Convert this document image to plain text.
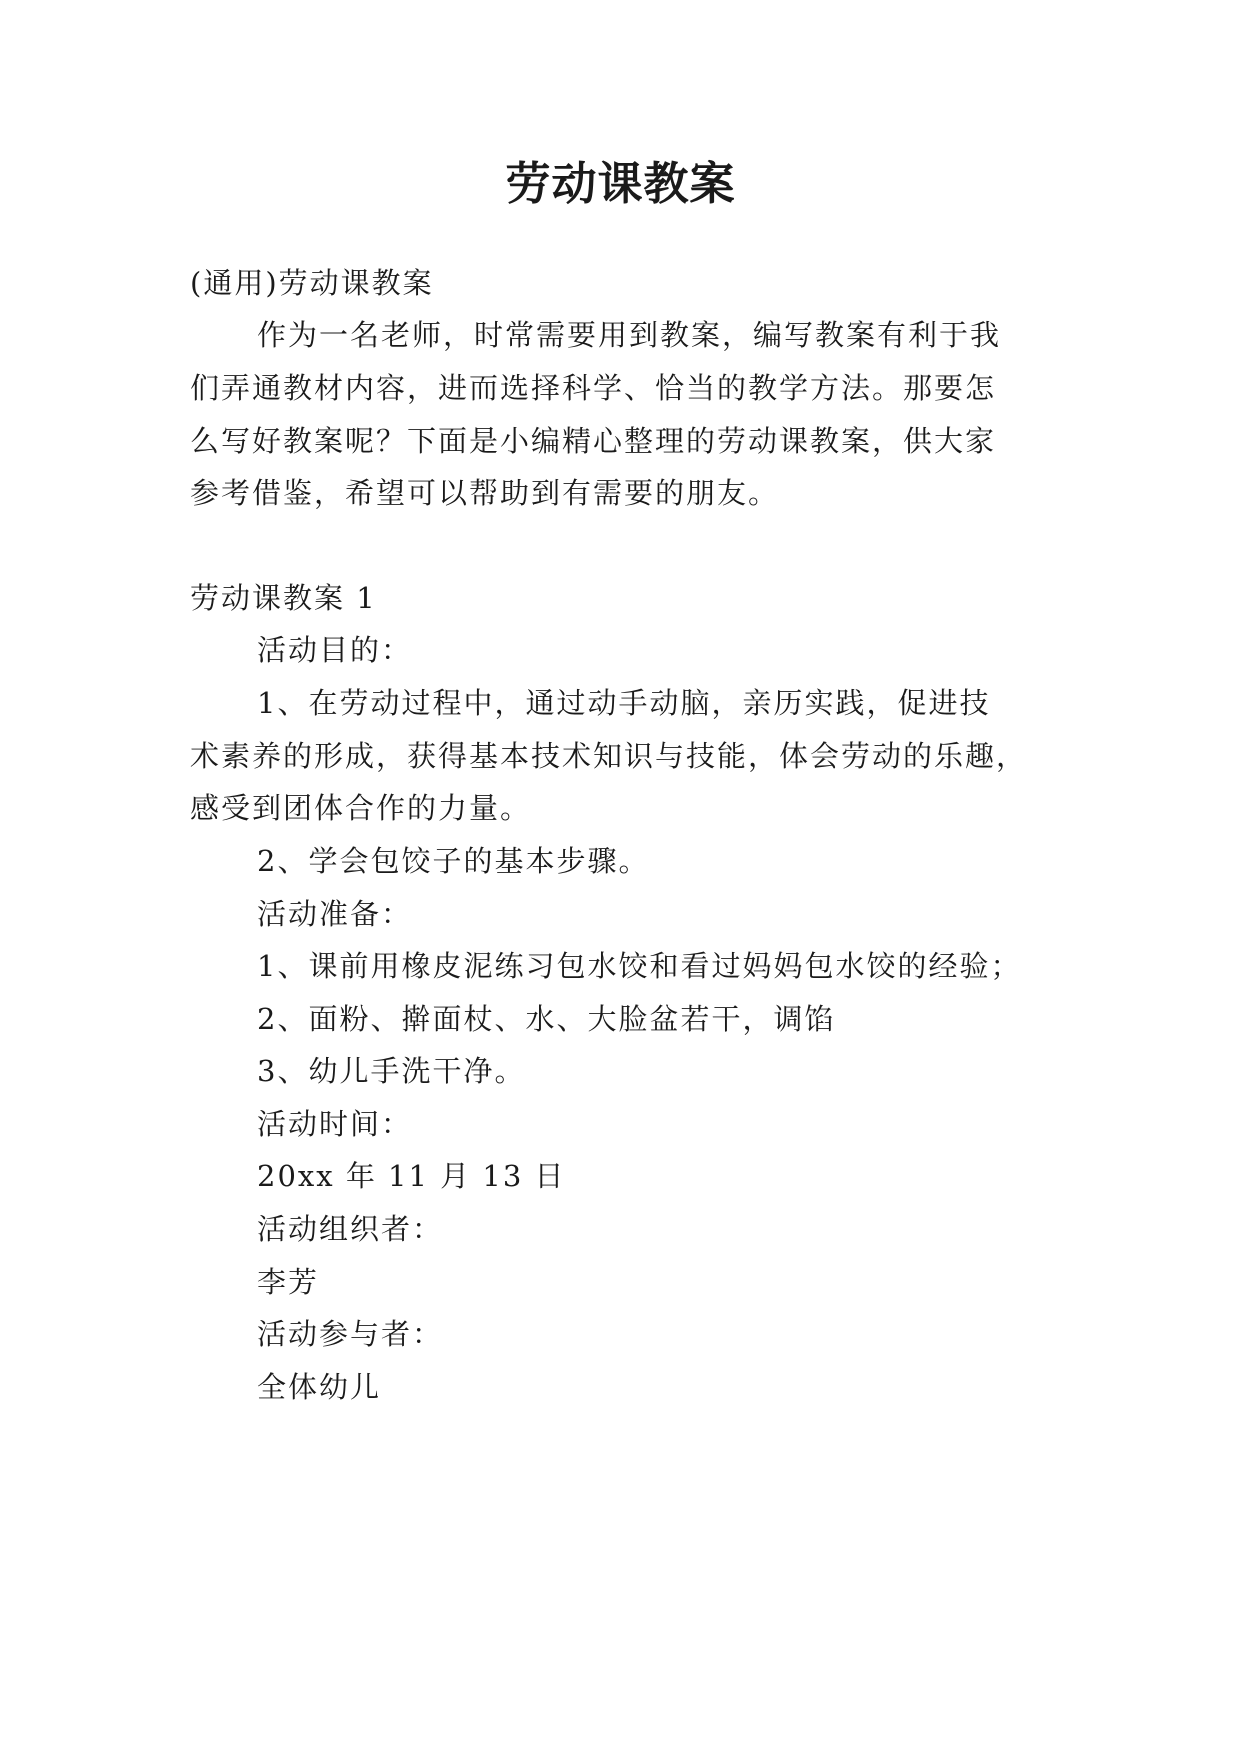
劳动课教案
(通用)劳动课教案
作为一名老师，时常需要用到教案，编写教案有利于我
们弄通教材内容，进而选择科学、恰当的教学方法。那要怎
么写好教案呢？下面是小编精心整理的劳动课教案，供大家
参考借鉴，希望可以帮助到有需要的朋友。
劳动课教案 1
活动目的：
1、在劳动过程中，通过动手动脑，亲历实践，促进技
术素养的形成，获得基本技术知识与技能，体会劳动的乐趣，
感受到团体合作的力量。
2、学会包饺子的基本步骤。
活动准备：
1、课前用橡皮泥练习包水饺和看过妈妈包水饺的经验；
2、面粉、擀面杖、水、大脸盆若干，调馅
3、幼儿手洗干净。
活动时间：
20xx 年 11 月 13 日
活动组织者：
李芳
活动参与者：
全体幼儿
